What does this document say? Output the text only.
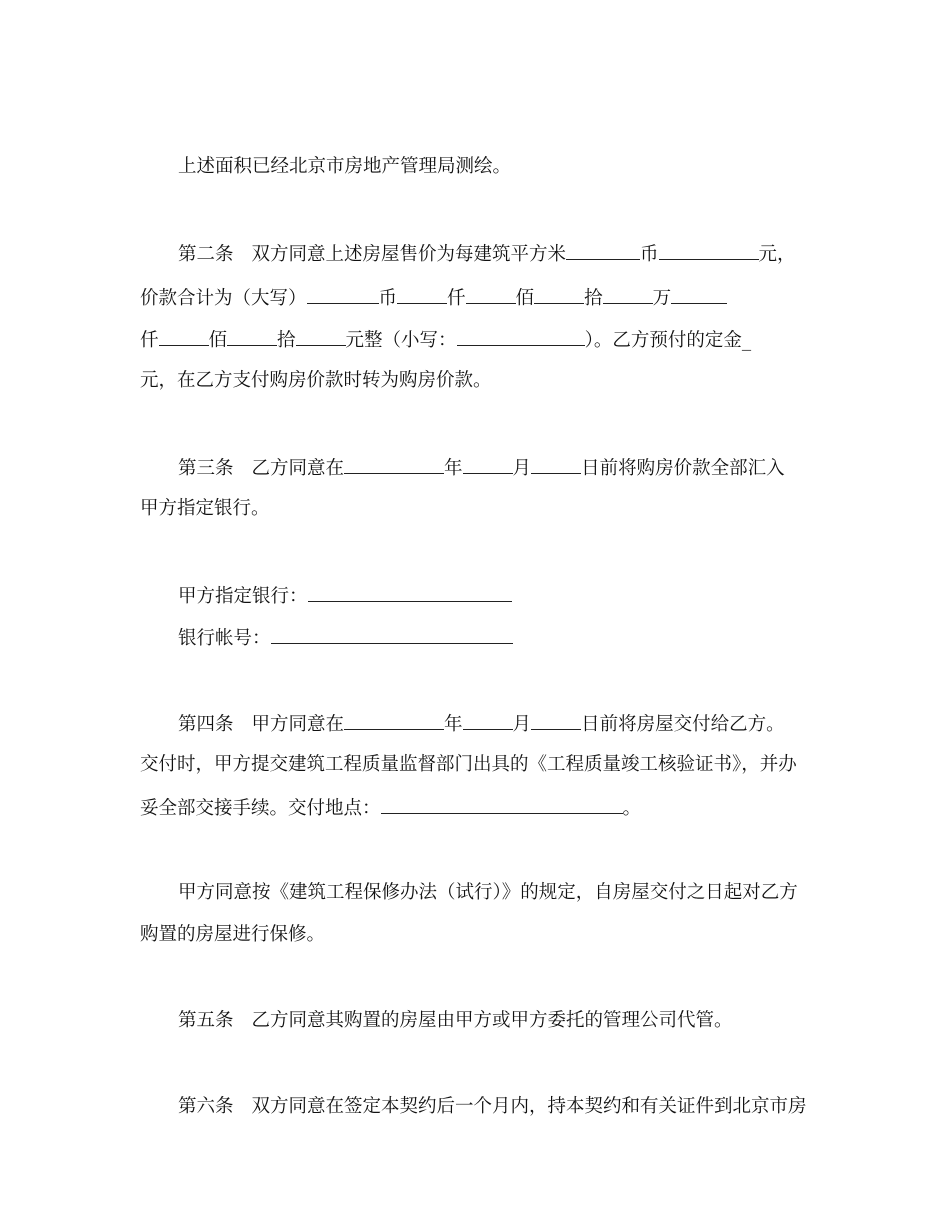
上述面积已经北京市房地产管理局测绘。
第二条 双方同意上述房屋售价为每建筑平方米	币	元，
价款合计为（大写）	币	仟	佰	拾	万
仟	佰	拾	元整（小写：	）。乙方预付的定金_
元，在乙方支付购房价款时转为购房价款。
第三条 乙方同意在	年	月	日前将购房价款全部汇入
甲方指定银行。
甲方指定银行：
银行帐号：
第四条 甲方同意在	年	月	日前将房屋交付给乙方。
交付时，甲方提交建筑工程质量监督部门出具的《工程质量竣工核验证书》，并办
妥全部交接手续。交付地点：	。
甲方同意按《建筑工程保修办法（试行）》的规定，自房屋交付之日起对乙方
购置的房屋进行保修。
第五条 乙方同意其购置的房屋由甲方或甲方委托的管理公司代管。
第六条 双方同意在签定本契约后一个月内，持本契约和有关证件到北京市房
